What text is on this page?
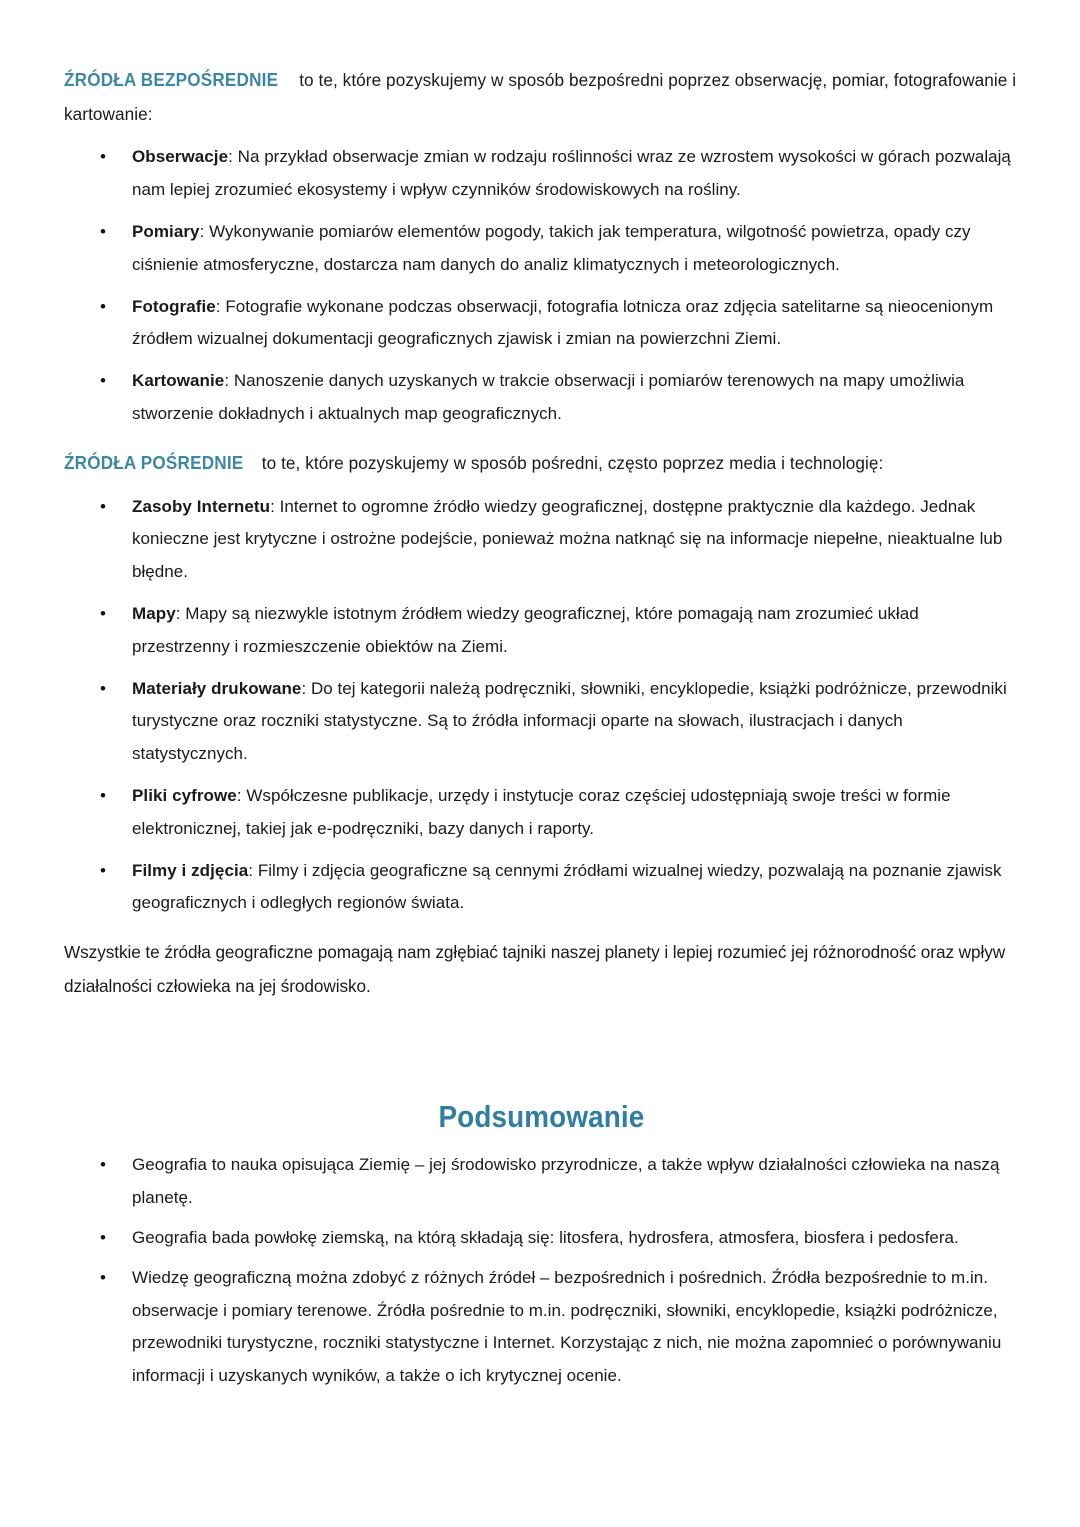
ŹRÓDŁA BEZPOŚREDNIE to te, które pozyskujemy w sposób bezpośredni poprzez obserwację, pomiar, fotografowanie i kartowanie:

• Obserwacje: Na przykład obserwacje zmian w rodzaju roślinności wraz ze wzrostem wysokości w górach pozwalają nam lepiej zrozumieć ekosystemy i wpływ czynników środowiskowych na rośliny.
• Pomiary: Wykonywanie pomiarów elementów pogody, takich jak temperatura, wilgotność powietrza, opady czy ciśnienie atmosferyczne, dostarcza nam danych do analiz klimatycznych i meteorologicznych.
• Fotografie: Fotografie wykonane podczas obserwacji, fotografia lotnicza oraz zdjęcia satelitarne są nieocenionym źródłem wizualnej dokumentacji geograficznych zjawisk i zmian na powierzchni Ziemi.
• Kartowanie: Nanoszenie danych uzyskanych w trakcie obserwacji i pomiarów terenowych na mapy umożliwia stworzenie dokładnych i aktualnych map geograficznych.

ŹRÓDŁA POŚREDNIE to te, które pozyskujemy w sposób pośredni, często poprzez media i technologię:

• Zasoby Internetu: Internet to ogromne źródło wiedzy geograficznej, dostępne praktycznie dla każdego. Jednak konieczne jest krytyczne i ostrożne podejście, ponieważ można natknąć się na informacje niepełne, nieaktualne lub błędne.
• Mapy: Mapy są niezwykle istotnym źródłem wiedzy geograficznej, które pomagają nam zrozumieć układ przestrzenny i rozmieszczenie obiektów na Ziemi.
• Materiały drukowane: Do tej kategorii należą podręczniki, słowniki, encyklopedie, książki podróżnicze, przewodniki turystyczne oraz roczniki statystyczne. Są to źródła informacji oparte na słowach, ilustracjach i danych statystycznych.
• Pliki cyfrowe: Współczesne publikacje, urzędy i instytucje coraz częściej udostępniają swoje treści w formie elektronicznej, takiej jak e-podręczniki, bazy danych i raporty.
• Filmy i zdjęcia: Filmy i zdjęcia geograficzne są cennymi źródłami wizualnej wiedzy, pozwalają na poznanie zjawisk geograficznych i odległych regionów świata.

Wszystkie te źródła geograficzne pomagają nam zgłębiać tajniki naszej planety i lepiej rozumieć jej różnorodność oraz wpływ działalności człowieka na jej środowisko.

Podsumowanie
• Geografia to nauka opisująca Ziemię – jej środowisko przyrodnicze, a także wpływ działalności człowieka na naszą planetę.
• Geografia bada powłokę ziemską, na którą składają się: litosfera, hydrosfera, atmosfera, biosfera i pedosfera.
• Wiedzę geograficzną można zdobyć z różnych źródeł – bezpośrednich i pośrednich. Źródła bezpośrednie to m.in. obserwacje i pomiary terenowe. Źródła pośrednie to m.in. podręczniki, słowniki, encyklopedie, książki podróżnicze, przewodniki turystyczne, roczniki statystyczne i Internet. Korzystając z nich, nie można zapomnieć o porównywaniu informacji i uzyskanych wyników, a także o ich krytycznej ocenie.
